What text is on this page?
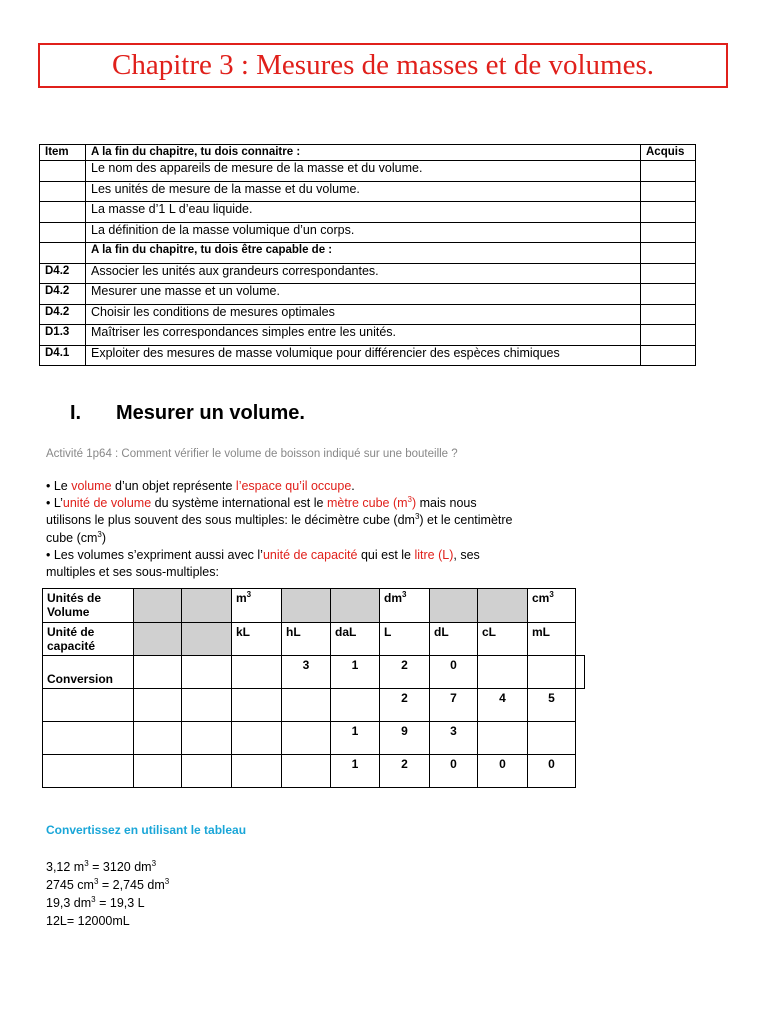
Chapitre 3 : Mesures de masses et de volumes.
Item	A la fin du chapitre, tu dois connaitre :	Acquis
	Le nom des appareils de mesure de la masse et du volume.	
	Les unités de mesure de la masse et du volume.	
	La masse d’1 L d’eau liquide.	
	La définition de la masse volumique d’un corps.	
	A la fin du chapitre, tu dois être capable de :	
D4.2	Associer les unités aux grandeurs correspondantes.	
D4.2	Mesurer une masse et un volume.	
D4.2	Choisir les conditions de mesures optimales	
D1.3	Maîtriser les correspondances simples entre les unités.	
D4.1	Exploiter des mesures de masse volumique pour différencier des espèces chimiques	
I. Mesurer un volume.
Activité 1p64 : Comment vérifier le volume de boisson indiqué sur une bouteille ?

• Le volume d’un objet représente l’espace qu’il occupe.

• L’unité de volume du système international est le mètre cube $(m^3)$ mais nous

utilisons le plus souvent des sous multiples: le décimètre cube $(dm^3)$ et le centimètre

cube $(cm^3)$

• Les volumes s’expriment aussi avec l’unité de capacité qui est le litre (L), ses

multiples et ses sous-multiples:

Unités de Volume			$m^3$			$dm^3$			$cm^3$
Unité de capacité			kL	hL	daL	L	dL	cL	mL	
Conversion				3	1	2	0			
						2	7	4	5	
					1	9	3			
					1	2	0	0	0	
Convertissez en utilisant le tableau
3,12 $m^3 = 3120$ $dm^3$
2745 $cm^3 = 2,745$ $dm^3$
19,3 $dm^3 = 19,3$ L
12L= 12000mL
